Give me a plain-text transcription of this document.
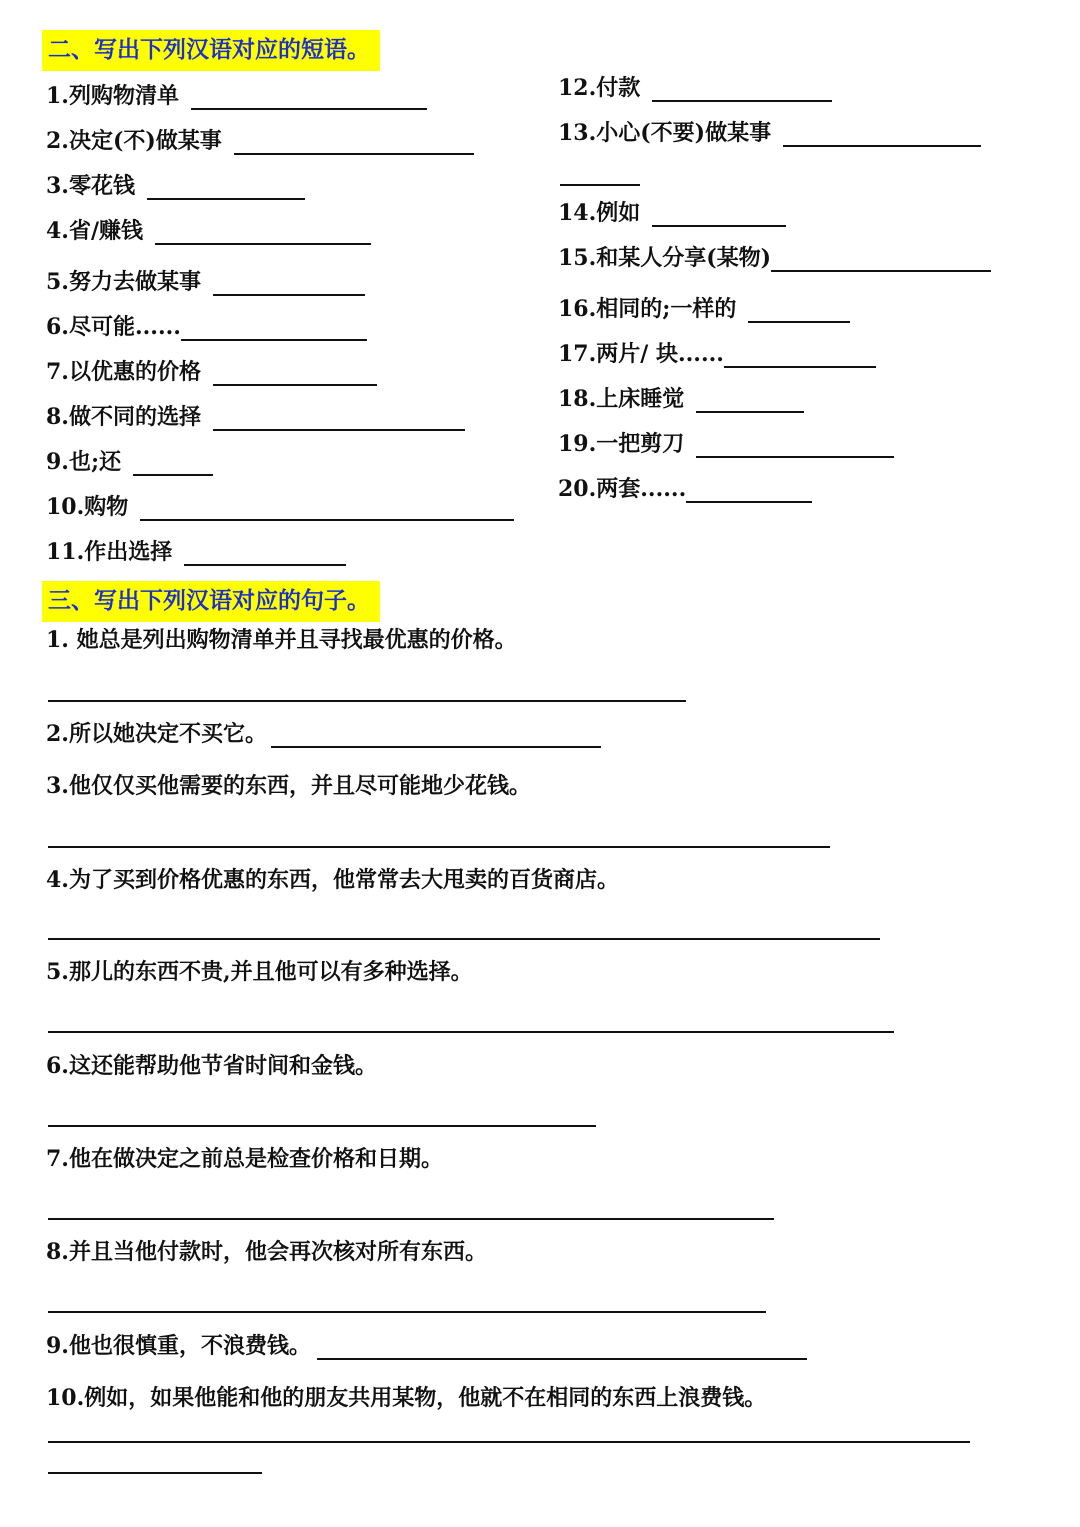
二、写出下列汉语对应的短语。
1.列购物清单
2.决定(不)做某事
3.零花钱
4.省/赚钱
5.努力去做某事
6.尽可能......
7.以优惠的价格
8.做不同的选择
9.也;还
10.购物
11.作出选择
12.付款
13.小心(不要)做某事
14.例如
15.和某人分享(某物)
16.相同的;一样的
17.两片/ 块......
18.上床睡觉
19.一把剪刀
20.两套......
三、写出下列汉语对应的句子。
1. 她总是列出购物清单并且寻找最优惠的价格。
2.所以她决定不买它。
3.他仅仅买他需要的东西，并且尽可能地少花钱。
4.为了买到价格优惠的东西，他常常去大甩卖的百货商店。
5.那儿的东西不贵,并且他可以有多种选择。
6.这还能帮助他节省时间和金钱。
7.他在做决定之前总是检查价格和日期。
8.并且当他付款时，他会再次核对所有东西。
9.他也很慎重，不浪费钱。
10.例如，如果他能和他的朋友共用某物，他就不在相同的东西上浪费钱。
